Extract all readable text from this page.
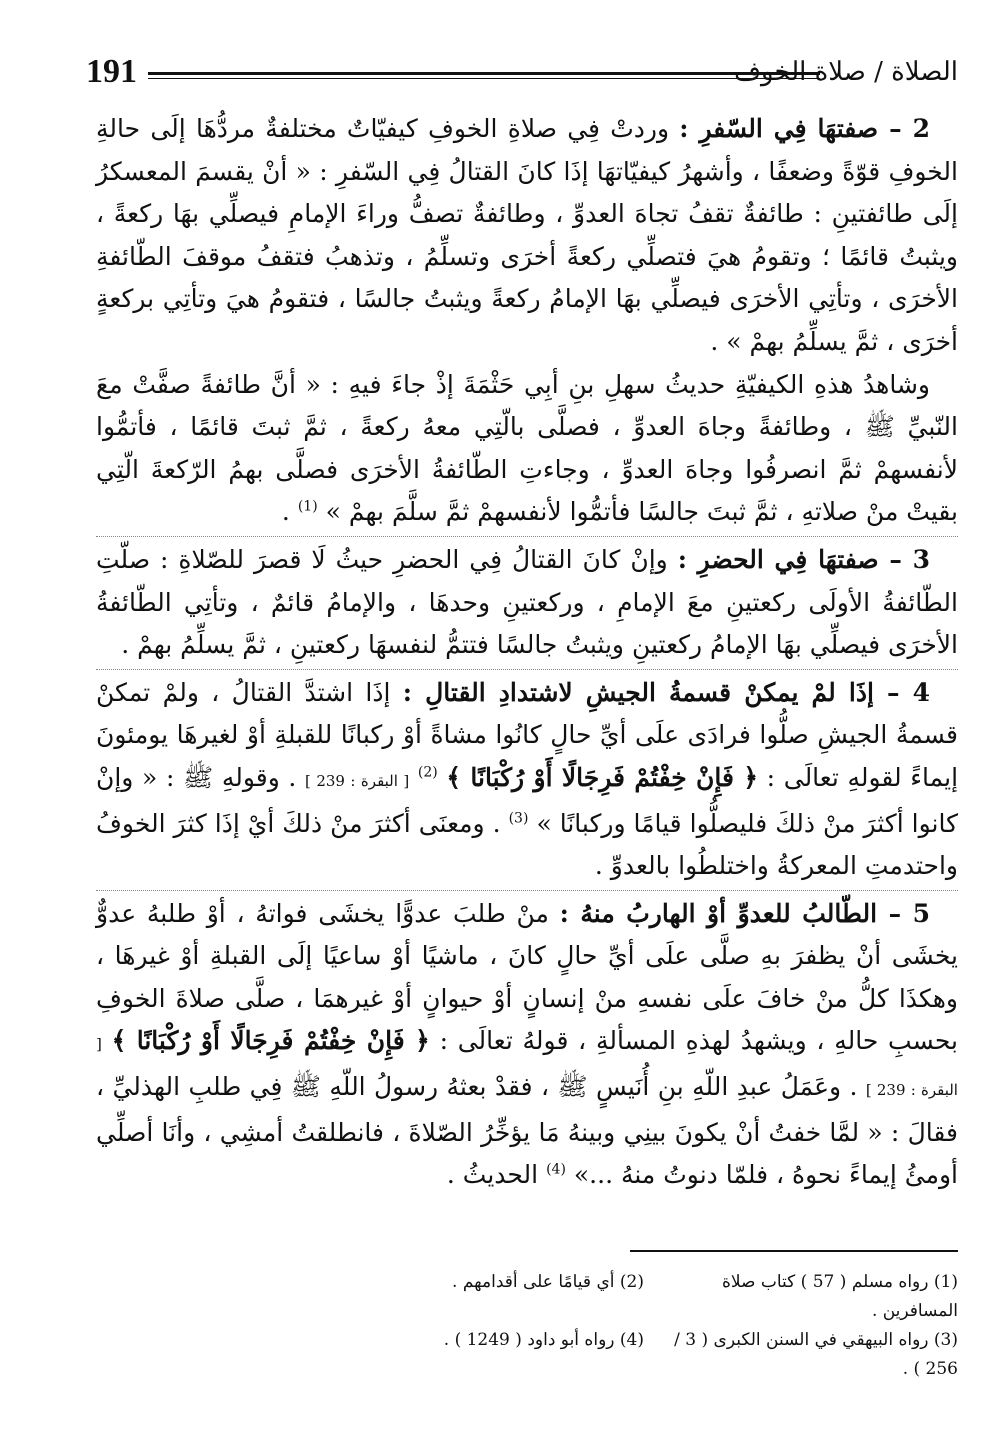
191	الصلاة / صلاة الخوف

2 – صفتهَا فِي السّفرِ : وردتْ فِي صلاةِ الخوفِ كيفيّاتٌ مختلفةٌ مردُّهَا إلَى حالةِ الخوفِ قوّةً وضعفًا ، وأشهرُ كيفيّاتهَا إذَا كانَ القتالُ فِي السّفرِ : « أنْ يقسمَ المعسكرُ إلَى طائفتينِ : طائفةٌ تقفُ تجاهَ العدوِّ ، وطائفةٌ تصفُّ وراءَ الإمامِ فيصلِّي بهَا ركعةً ، ويثبتُ قائمًا ؛ وتقومُ هيَ فتصلِّي ركعةً أخرَى وتسلِّمُ ، وتذهبُ فتقفُ موقفَ الطّائفةِ الأخرَى ، وتأتِي الأخرَى فيصلِّي بهَا الإمامُ ركعةً ويثبتُ جالسًا ، فتقومُ هيَ وتأتِي بركعةٍ أخرَى ، ثمَّ يسلِّمُ بهمْ » .

وشاهدُ هذهِ الكيفيّةِ حديثُ سهلِ بنِ أبِي حَثْمَةَ إذْ جاءَ فيهِ : « أنَّ طائفةً صفَّتْ معَ النّبيِّ ﷺ ، وطائفةً وجاهَ العدوِّ ، فصلَّى بالّتِي معهُ ركعةً ، ثمَّ ثبتَ قائمًا ، فأتمُّوا لأنفسهمْ ثمَّ انصرفُوا وجاهَ العدوِّ ، وجاءتِ الطّائفةُ الأخرَى فصلَّى بهمُ الرّكعةَ الّتِي بقيتْ منْ صلاتهِ ، ثمَّ ثبتَ جالسًا فأتمُّوا لأنفسهمْ ثمَّ سلَّمَ بهمْ » $^{(1)}$ .

3 – صفتهَا فِي الحضرِ : وإنْ كانَ القتالُ فِي الحضرِ حيثُ لَا قصرَ للصّلاةِ : صلّتِ الطّائفةُ الأولَى ركعتينِ معَ الإمامِ ، وركعتينِ وحدهَا ، والإمامُ قائمٌ ، وتأتِي الطّائفةُ الأخرَى فيصلِّي بهَا الإمامُ ركعتينِ ويثبتُ جالسًا فتتمُّ لنفسهَا ركعتينِ ، ثمَّ يسلِّمُ بهمْ .

4 – إذَا لمْ يمكنْ قسمةُ الجيشِ لاشتدادِ القتالِ : إذَا اشتدَّ القتالُ ، ولمْ تمكنْ قسمةُ الجيشِ صلُّوا فرادَى علَى أيِّ حالٍ كانُوا مشاةً أوْ ركبانًا للقبلةِ أوْ لغيرهَا يومئونَ إيماءً لقولهِ تعالَى : ﴿ فَإِنْ خِفْتُمْ فَرِجَالًا أَوْ رُكْبَانًا ﴾ $^{(2)}$ [ البقرة : 239 ] . وقولهِ ﷺ : « وإنْ كانوا أكثرَ منْ ذلكَ فليصلُّوا قيامًا وركبانًا » $^{(3)}$ . ومعنَى أكثرَ منْ ذلكَ أيْ إذَا كثرَ الخوفُ واحتدمتِ المعركةُ واختلطُوا بالعدوِّ .

5 – الطّالبُ للعدوِّ أوْ الهاربُ منهُ : منْ طلبَ عدوًّا يخشَى فواتهُ ، أوْ طلبهُ عدوٌّ يخشَى أنْ يظفرَ بهِ صلَّى علَى أيِّ حالٍ كانَ ، ماشيًا أوْ ساعيًا إلَى القبلةِ أوْ غيرهَا ، وهكذَا كلُّ منْ خافَ علَى نفسهِ منْ إنسانٍ أوْ حيوانٍ أوْ غيرهمَا ، صلَّى صلاةَ الخوفِ بحسبِ حالهِ ، ويشهدُ لهذهِ المسألةِ ، قولهُ تعالَى : ﴿ فَإِنْ خِفْتُمْ فَرِجَالًا أَوْ رُكْبَانًا ﴾ [ البقرة : 239 ] . وعَمَلُ عبدِ اللّهِ بنِ أُنَيسٍ ﷺ ، فقدْ بعثهُ رسولُ اللّهِ ﷺ فِي طلبِ الهذليِّ ، فقالَ : « لمَّا خفتُ أنْ يكونَ بينِي وبينهُ مَا يؤخِّرُ الصّلاةَ ، فانطلقتُ أمشِي ، وأنَا أصلِّي أومئُ إيماءً نحوهُ ، فلمّا دنوتُ منهُ ...» $^{(4)}$ الحديثُ .

(1) رواه مسلم ( 57 ) كتاب صلاة المسافرين .
(2) أي قيامًا على أقدامهم .
(3) رواه البيهقي في السنن الكبرى ( 3 / 256 ) .
(4) رواه أبو داود ( 1249 ) .
